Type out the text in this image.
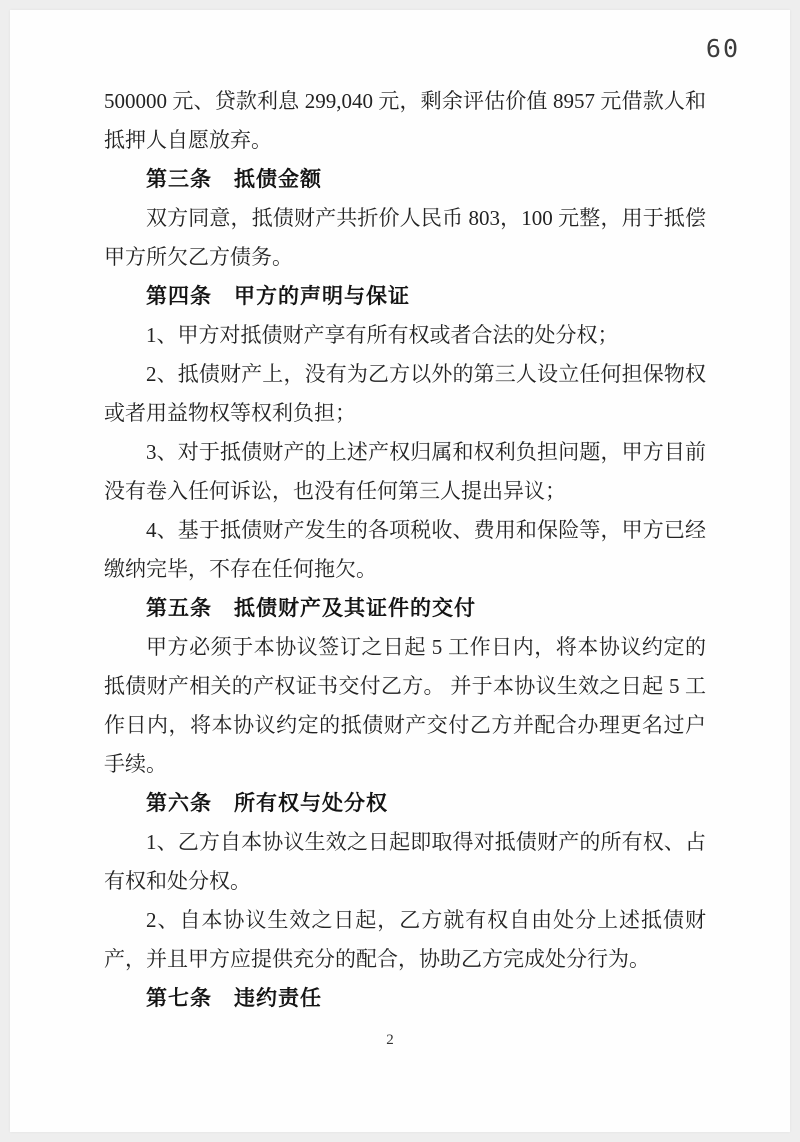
60

500000 元、贷款利息 299,040 元，剩余评估价值 8957 元借款人和抵押人自愿放弃。

第三条　抵债金额

双方同意，抵债财产共折价人民币 803，100 元整，用于抵偿甲方所欠乙方债务。

第四条　甲方的声明与保证

1、甲方对抵债财产享有所有权或者合法的处分权；

2、抵债财产上，没有为乙方以外的第三人设立任何担保物权或者用益物权等权利负担；

3、对于抵债财产的上述产权归属和权利负担问题，甲方目前没有卷入任何诉讼，也没有任何第三人提出异议；

4、基于抵债财产发生的各项税收、费用和保险等，甲方已经缴纳完毕，不存在任何拖欠。

第五条　抵债财产及其证件的交付

甲方必须于本协议签订之日起 5 工作日内，将本协议约定的抵债财产相关的产权证书交付乙方。 并于本协议生效之日起 5 工作日内，将本协议约定的抵债财产交付乙方并配合办理更名过户手续。

第六条　所有权与处分权

1、乙方自本协议生效之日起即取得对抵债财产的所有权、占有权和处分权。

2、自本协议生效之日起，乙方就有权自由处分上述抵债财产，并且甲方应提供充分的配合，协助乙方完成处分行为。

第七条　违约责任

2
